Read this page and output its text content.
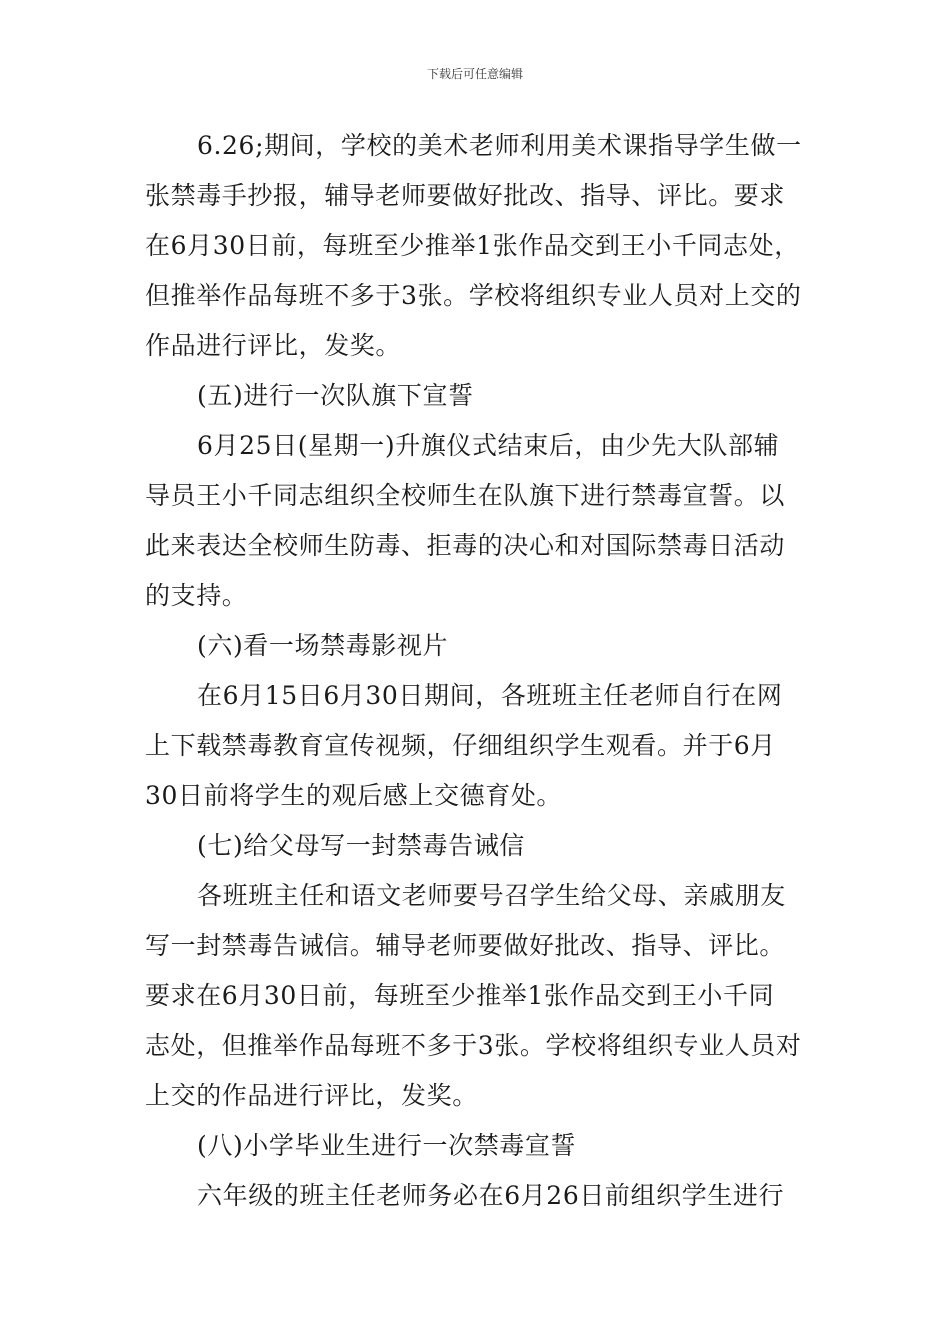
下载后可任意编辑
6.26;期间，学校的美术老师利用美术课指导学生做一
张禁毒手抄报，辅导老师要做好批改、指导、评比。要求
在6月30日前，每班至少推举1张作品交到王小千同志处，
但推举作品每班不多于3张。学校将组织专业人员对上交的
作品进行评比，发奖。
(五)进行一次队旗下宣誓
6月25日(星期一)升旗仪式结束后，由少先大队部辅
导员王小千同志组织全校师生在队旗下进行禁毒宣誓。以
此来表达全校师生防毒、拒毒的决心和对国际禁毒日活动
的支持。
(六)看一场禁毒影视片
在6月15日6月30日期间，各班班主任老师自行在网
上下载禁毒教育宣传视频，仔细组织学生观看。并于6月
30日前将学生的观后感上交德育处。
(七)给父母写一封禁毒告诫信
各班班主任和语文老师要号召学生给父母、亲戚朋友
写一封禁毒告诫信。辅导老师要做好批改、指导、评比。
要求在6月30日前，每班至少推举1张作品交到王小千同
志处，但推举作品每班不多于3张。学校将组织专业人员对
上交的作品进行评比，发奖。
(八)小学毕业生进行一次禁毒宣誓
六年级的班主任老师务必在6月26日前组织学生进行
